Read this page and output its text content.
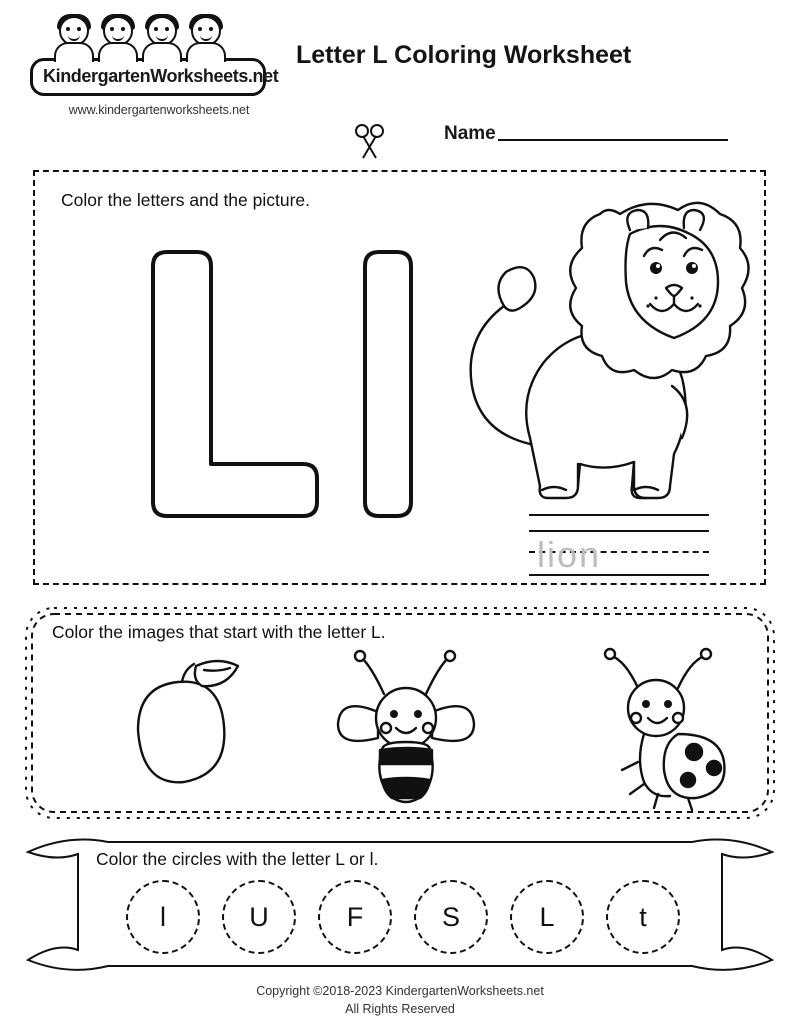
KindergartenWorksheets.net
www.kindergartenworksheets.net
Letter L Coloring Worksheet
Name
Color the letters and the picture.
lion
Color the images that start with the letter L.
Color the circles with the letter L or l.
l	U	F	S	L	t
Copyright ©2018-2023 KindergartenWorksheets.net
All Rights Reserved
